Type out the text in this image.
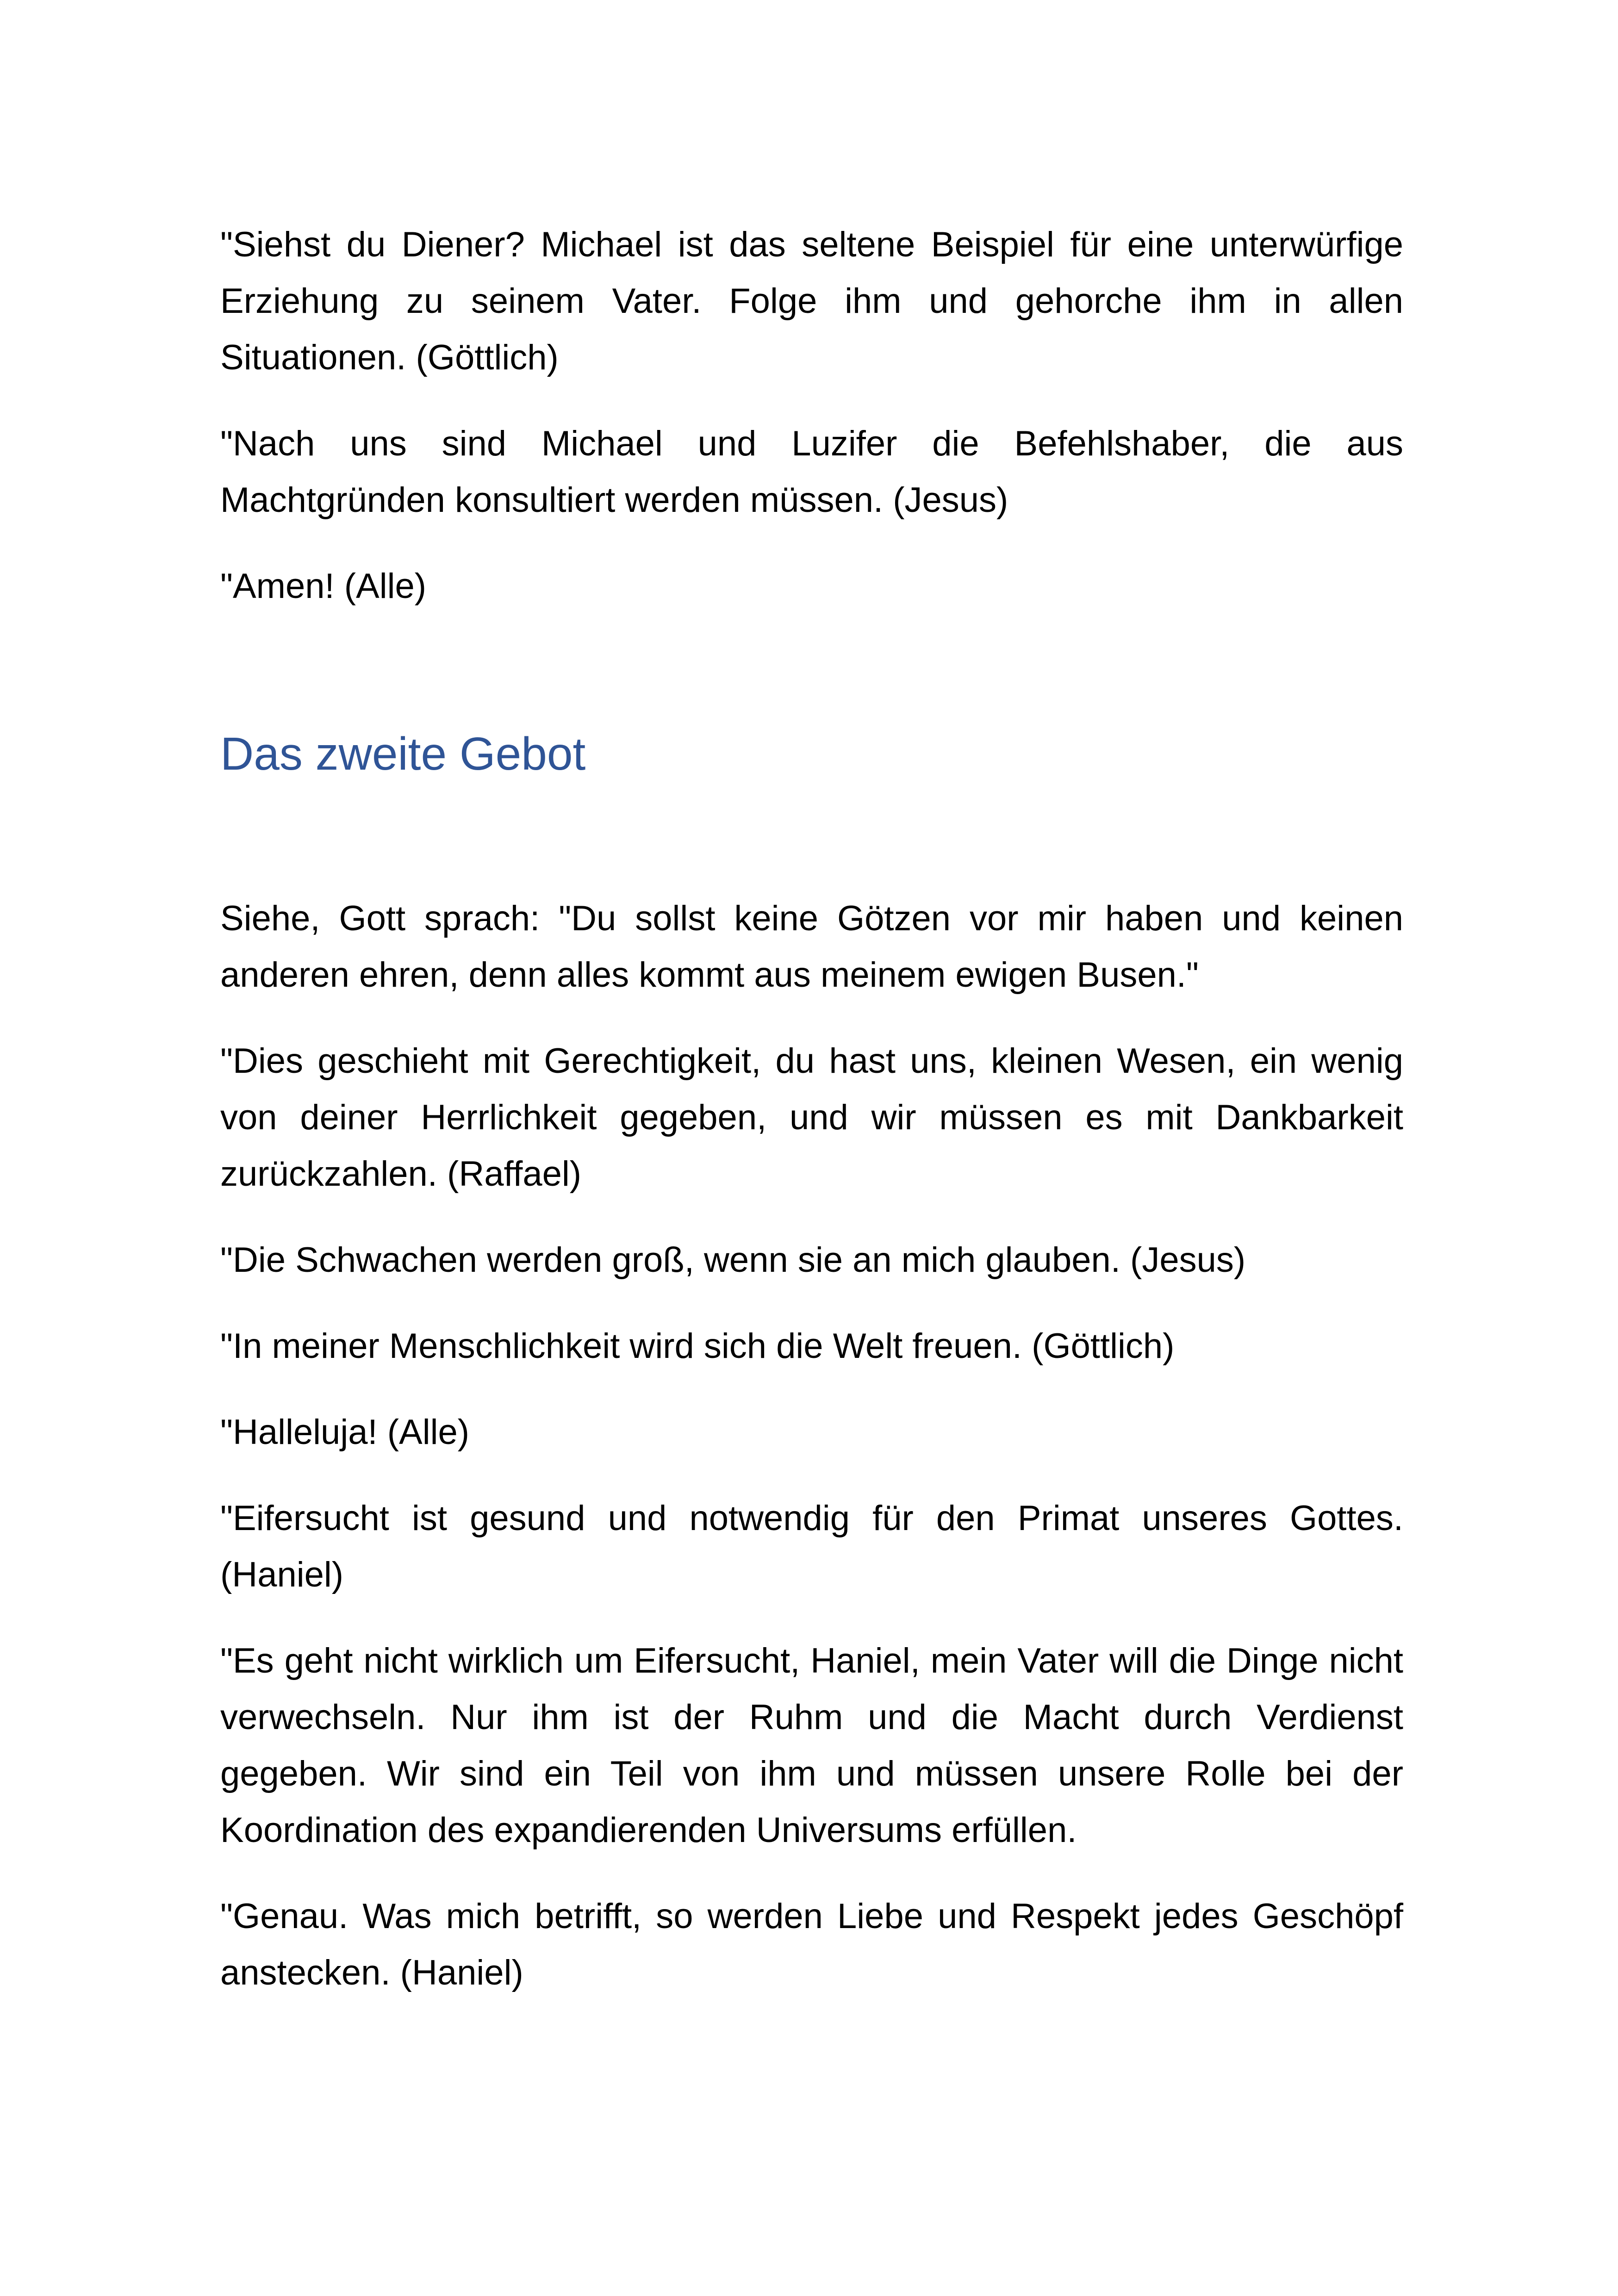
"Siehst du Diener? Michael ist das seltene Beispiel für eine unterwürfige Erziehung zu seinem Vater. Folge ihm und gehorche ihm in allen Situationen. (Göttlich)

"Nach uns sind Michael und Luzifer die Befehlshaber, die aus Machtgründen konsultiert werden müssen. (Jesus)

"Amen! (Alle)

Das zweite Gebot

Siehe, Gott sprach: "Du sollst keine Götzen vor mir haben und keinen anderen ehren, denn alles kommt aus meinem ewigen Busen."

"Dies geschieht mit Gerechtigkeit, du hast uns, kleinen Wesen, ein wenig von deiner Herrlichkeit gegeben, und wir müssen es mit Dankbarkeit zurückzahlen. (Raffael)

"Die Schwachen werden groß, wenn sie an mich glauben. (Jesus)

"In meiner Menschlichkeit wird sich die Welt freuen. (Göttlich)

"Halleluja! (Alle)

"Eifersucht ist gesund und notwendig für den Primat unseres Gottes. (Haniel)

"Es geht nicht wirklich um Eifersucht, Haniel, mein Vater will die Dinge nicht verwechseln. Nur ihm ist der Ruhm und die Macht durch Verdienst gegeben. Wir sind ein Teil von ihm und müssen unsere Rolle bei der Koordination des expandierenden Universums erfüllen.

"Genau. Was mich betrifft, so werden Liebe und Respekt jedes Geschöpf anstecken. (Haniel)
